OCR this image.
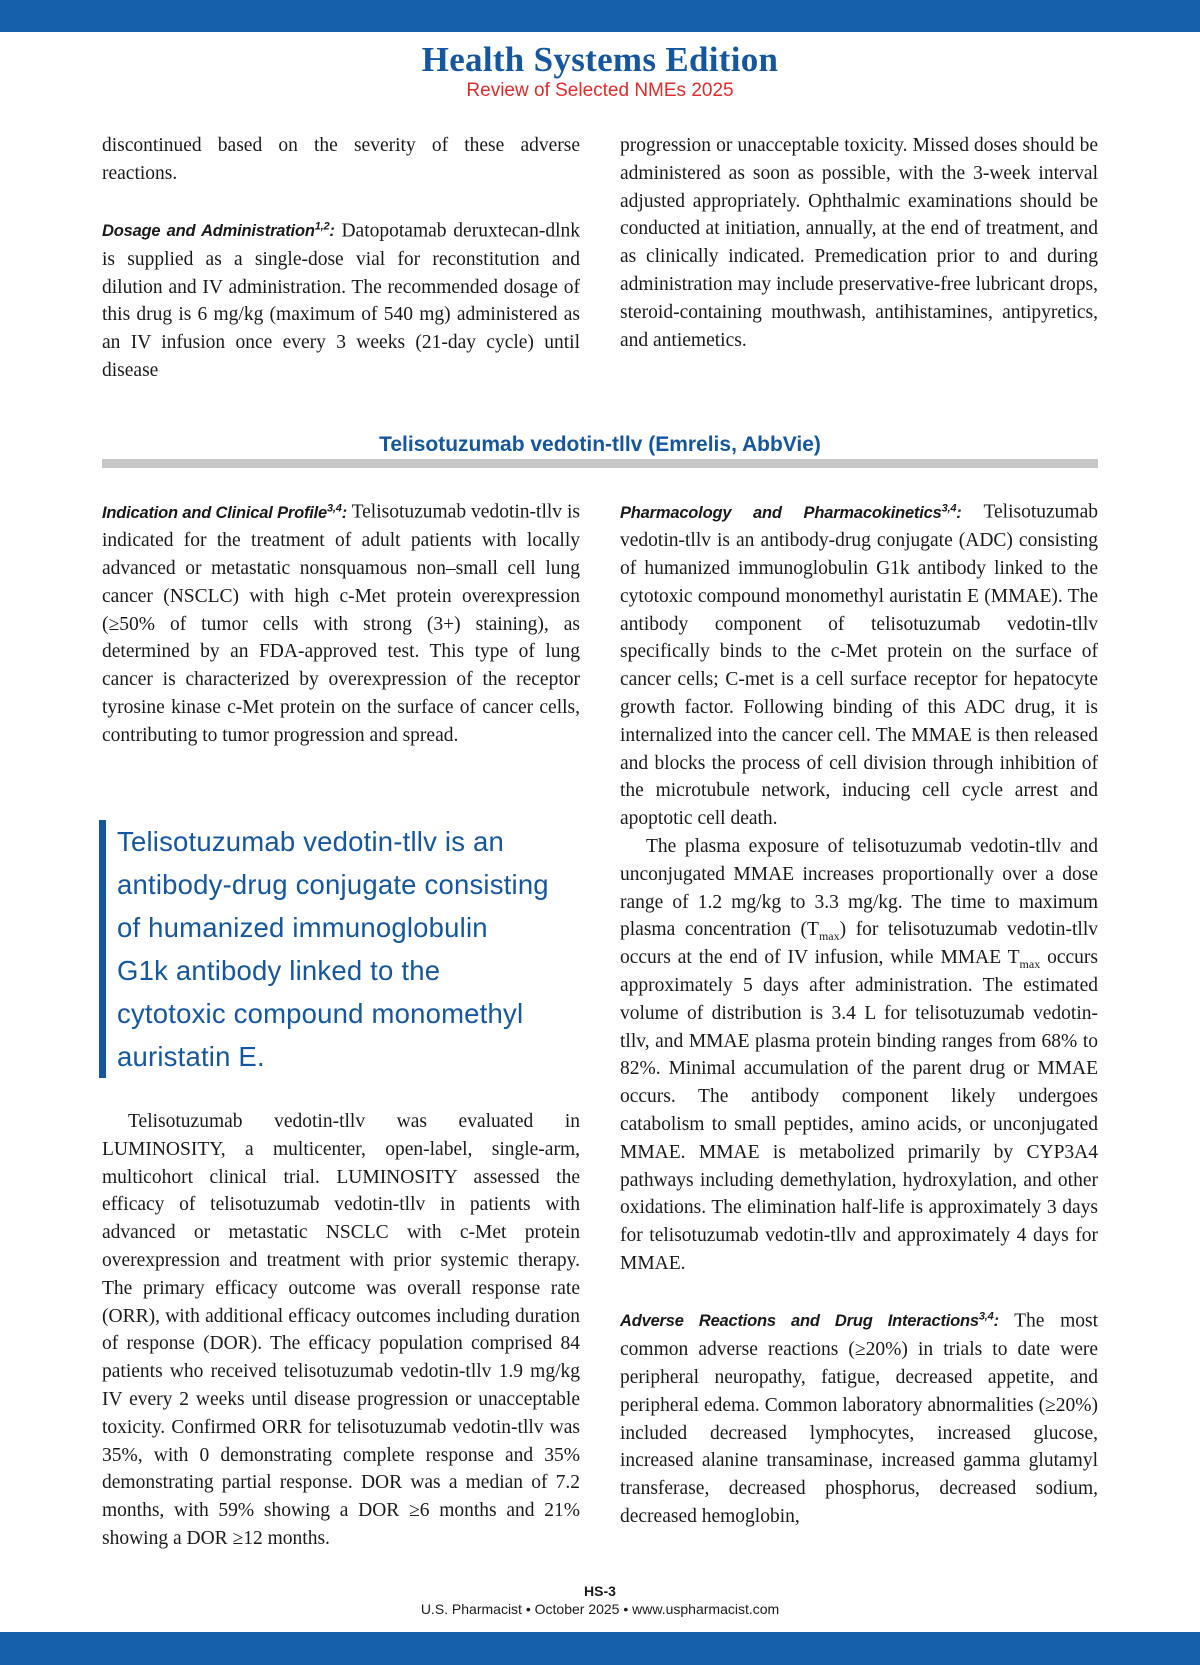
Health Systems Edition
Review of Selected NMEs 2025

discontinued based on the severity of these adverse reactions.

Dosage and Administration$^{1,2}$: Datopotamab deruxtecan-dlnk is supplied as a single-dose vial for reconstitution and dilution and IV administration. The recommended dosage of this drug is 6 mg/kg (maximum of 540 mg) administered as an IV infusion once every 3 weeks (21-day cycle) until disease

progression or unacceptable toxicity. Missed doses should be administered as soon as possible, with the 3-week interval adjusted appropriately. Ophthalmic examinations should be conducted at initiation, annually, at the end of treatment, and as clinically indicated. Premedication prior to and during administration may include preservative-free lubricant drops, steroid-containing mouthwash, antihistamines, antipyretics, and antiemetics.

Telisotuzumab vedotin-tllv (Emrelis, AbbVie)

Indication and Clinical Profile$^{3,4}$: Telisotuzumab vedotin-tllv is indicated for the treatment of adult patients with locally advanced or metastatic nonsquamous non–small cell lung cancer (NSCLC) with high c-Met protein overexpression (≥50% of tumor cells with strong (3+) staining), as determined by an FDA-approved test. This type of lung cancer is characterized by overexpression of the receptor tyrosine kinase c-Met protein on the surface of cancer cells, contributing to tumor progression and spread.

Telisotuzumab vedotin-tllv is an
antibody-drug conjugate consisting
of humanized immunoglobulin
G1k antibody linked to the
cytotoxic compound monomethyl
auristatin E.

Telisotuzumab vedotin-tllv was evaluated in LUMINOSITY, a multicenter, open-label, single-arm, multicohort clinical trial. LUMINOSITY assessed the efficacy of telisotuzumab vedotin-tllv in patients with advanced or metastatic NSCLC with c-Met protein overexpression and treatment with prior systemic therapy. The primary efficacy outcome was overall response rate (ORR), with additional efficacy outcomes including duration of response (DOR). The efficacy population comprised 84 patients who received telisotuzumab vedotin-tllv 1.9 mg/kg IV every 2 weeks until disease progression or unacceptable toxicity. Confirmed ORR for telisotuzumab vedotin-tllv was 35%, with 0 demonstrating complete response and 35% demonstrating partial response. DOR was a median of 7.2 months, with 59% showing a DOR ≥6 months and 21% showing a DOR ≥12 months.

Pharmacology and Pharmacokinetics$^{3,4}$: Telisotuzumab vedotin-tllv is an antibody-drug conjugate (ADC) consisting of humanized immunoglobulin G1k antibody linked to the cytotoxic compound monomethyl auristatin E (MMAE). The antibody component of telisotuzumab vedotin-tllv specifically binds to the c-Met protein on the surface of cancer cells; C-met is a cell surface receptor for hepatocyte growth factor. Following binding of this ADC drug, it is internalized into the cancer cell. The MMAE is then released and blocks the process of cell division through inhibition of the microtubule network, inducing cell cycle arrest and apoptotic cell death.

The plasma exposure of telisotuzumab vedotin-tllv and unconjugated MMAE increases proportionally over a dose range of 1.2 mg/kg to 3.3 mg/kg. The time to maximum plasma concentration $(T_{max})$ for telisotuzumab vedotin-tllv occurs at the end of IV infusion, while MMAE $T_{max}$ occurs approximately 5 days after administration. The estimated volume of distribution is 3.4 L for telisotuzumab vedotin-tllv, and MMAE plasma protein binding ranges from 68% to 82%. Minimal accumulation of the parent drug or MMAE occurs. The antibody component likely undergoes catabolism to small peptides, amino acids, or unconjugated MMAE. MMAE is metabolized primarily by CYP3A4 pathways including demethylation, hydroxylation, and other oxidations. The elimination half-life is approximately 3 days for telisotuzumab vedotin-tllv and approximately 4 days for MMAE.

Adverse Reactions and Drug Interactions$^{3,4}$: The most common adverse reactions (≥20%) in trials to date were peripheral neuropathy, fatigue, decreased appetite, and peripheral edema. Common laboratory abnormalities (≥20%) included decreased lymphocytes, increased glucose, increased alanine transaminase, increased gamma glutamyl transferase, decreased phosphorus, decreased sodium, decreased hemoglobin,

HS-3
U.S. Pharmacist • October 2025 • www.uspharmacist.com
